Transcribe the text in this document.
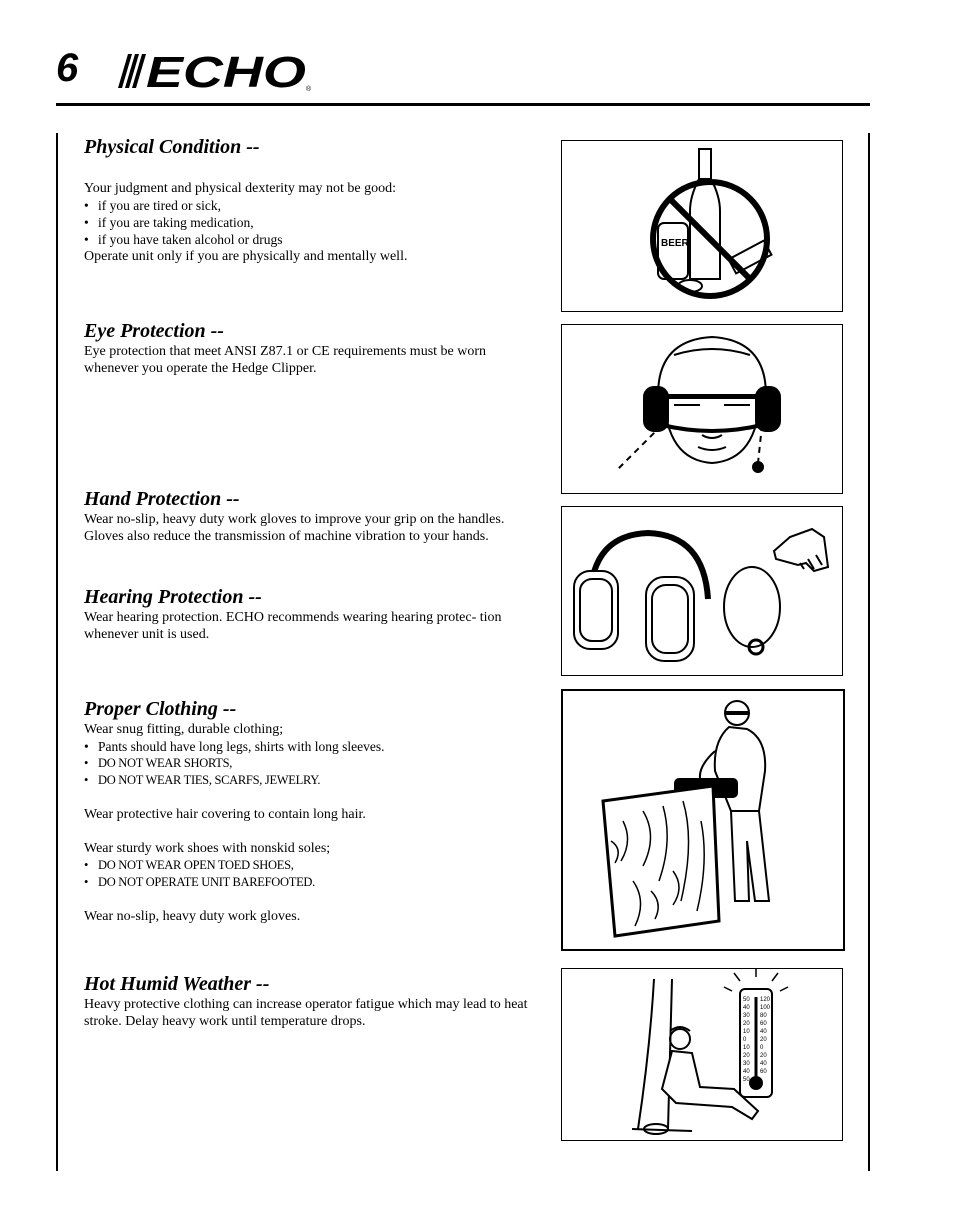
6 ECHO ®
Physical Condition --

Your judgment and physical dexterity may not be good:

• if you are tired or sick,
• if you are taking medication,
• if you have taken alcohol or drugs

Operate unit only if you are physically and mentally well.

Eye Protection --

Eye protection that meet ANSI Z87.1 or CE requirements must be worn whenever you operate the Hedge Clipper.

Hand Protection --

Wear no-slip, heavy duty work gloves to improve your grip on the handles. Gloves also reduce the transmission of machine vibration to your hands.

Hearing Protection --

Wear hearing protection. ECHO recommends wearing hearing protec- tion whenever unit is used.

Proper Clothing --

Wear snug fitting, durable clothing;

• Pants should have long legs, shirts with long sleeves.
• DO NOT WEAR SHORTS,
• DO NOT WEAR TIES, SCARFS, JEWELRY.

Wear protective hair covering to contain long hair.

Wear sturdy work shoes with nonskid soles;

• DO NOT WEAR OPEN TOED SHOES,
• DO NOT OPERATE UNIT BAREFOOTED.

Wear no-slip, heavy duty work gloves.

Hot Humid Weather --

Heavy protective clothing can increase operator fatigue which may lead to heat stroke. Delay heavy work until temperature drops.

BEER
50
40
30
20
10
0
10
20
30
40
50
120
100
80
60
40
20
0
20
40
60
